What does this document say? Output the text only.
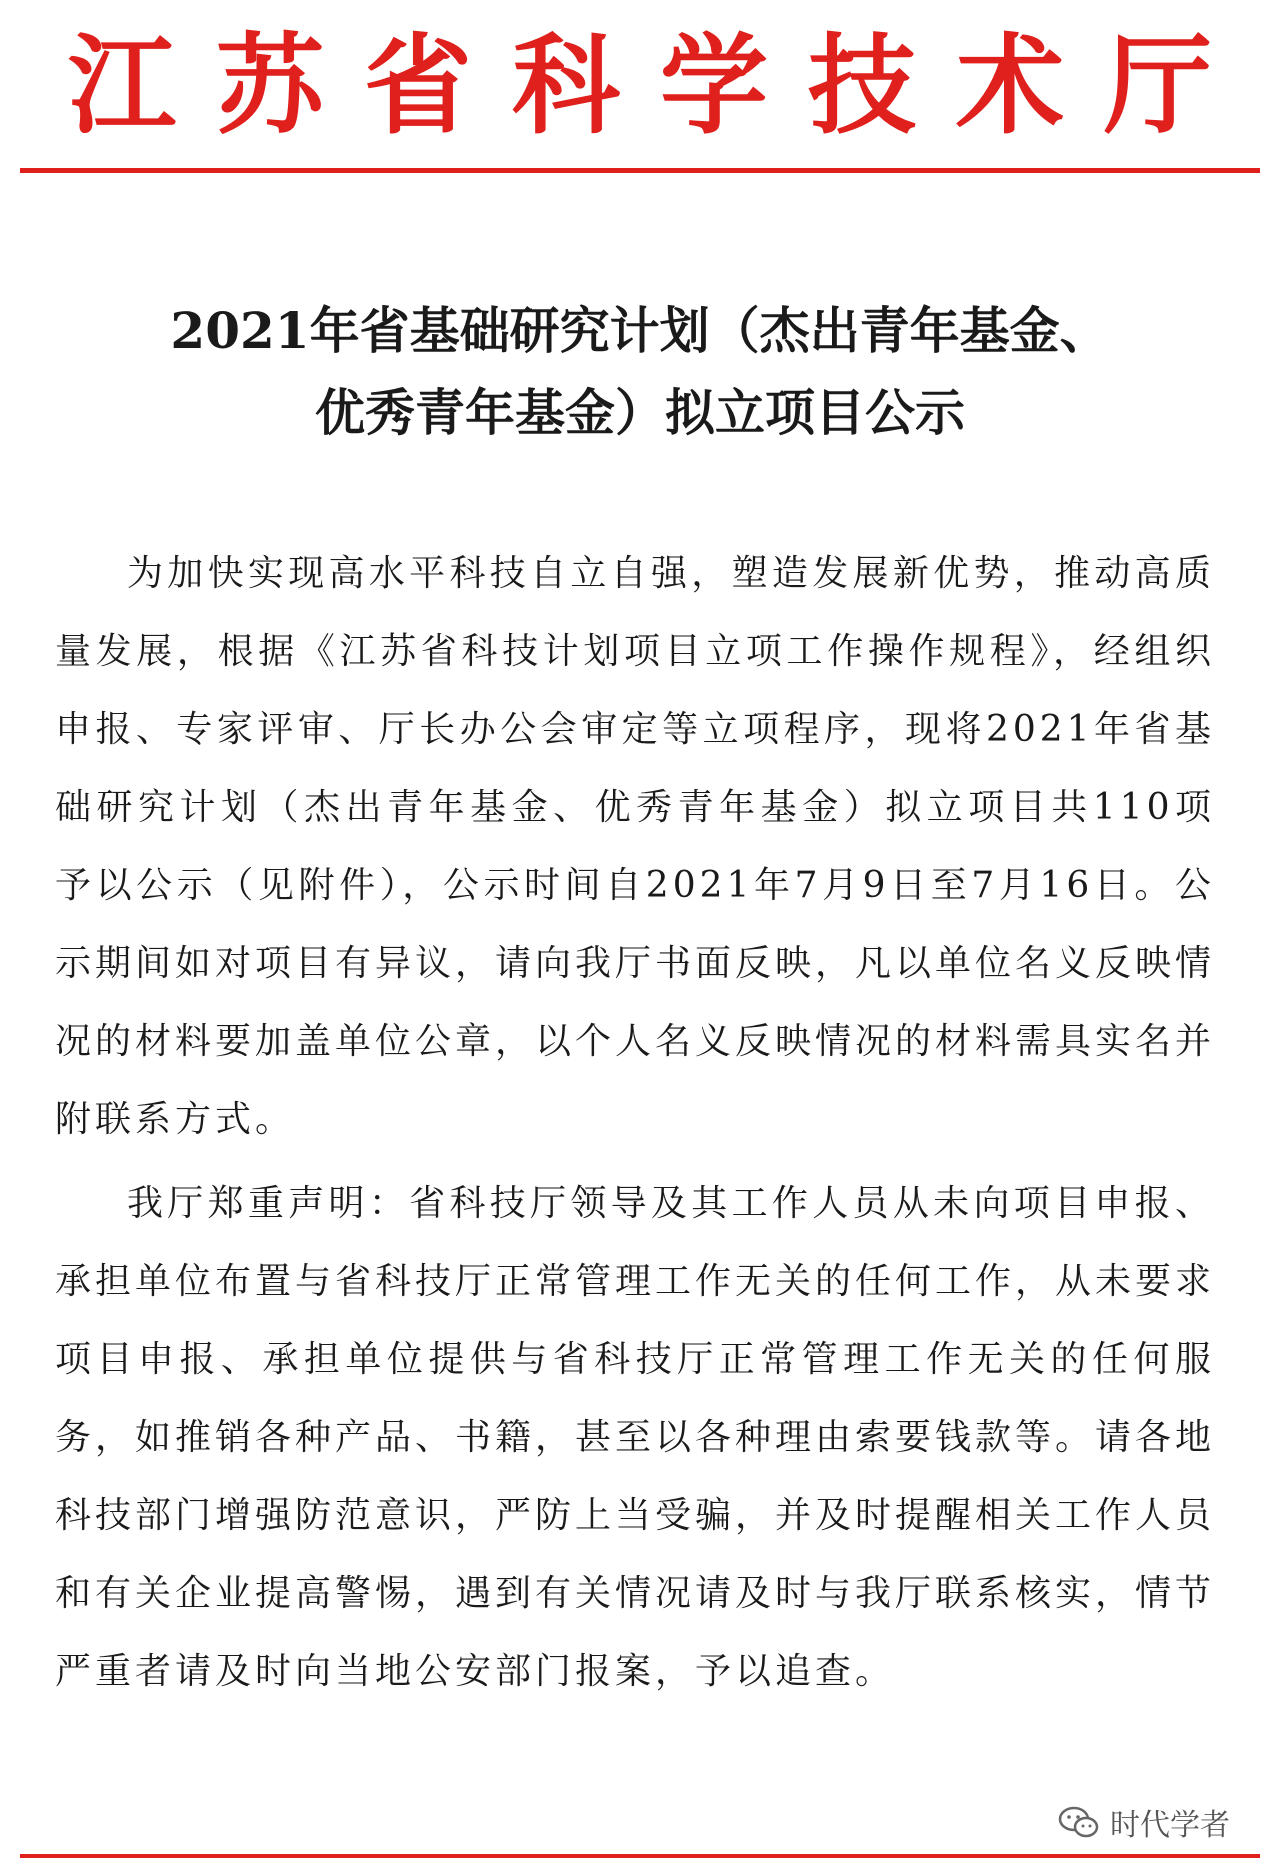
江苏省科学技术厅
2021年省基础研究计划（杰出青年基金、
优秀青年基金）拟立项目公示

为加快实现高水平科技自立自强，塑造发展新优势，推动高质量发展，根据《江苏省科技计划项目立项工作操作规程》，经组织申报、专家评审、厅长办公会审定等立项程序，现将2021年省基础研究计划（杰出青年基金、优秀青年基金）拟立项目共110项予以公示（见附件），公示时间自2021年7月9日至7月16日。公示期间如对项目有异议，请向我厅书面反映，凡以单位名义反映情况的材料要加盖单位公章，以个人名义反映情况的材料需具实名并附联系方式。

我厅郑重声明：省科技厅领导及其工作人员从未向项目申报、承担单位布置与省科技厅正常管理工作无关的任何工作，从未要求项目申报、承担单位提供与省科技厅正常管理工作无关的任何服务，如推销各种产品、书籍，甚至以各种理由索要钱款等。请各地科技部门增强防范意识，严防上当受骗，并及时提醒相关工作人员和有关企业提高警惕，遇到有关情况请及时与我厅联系核实，情节严重者请及时向当地公安部门报案，予以追查。

时代学者
